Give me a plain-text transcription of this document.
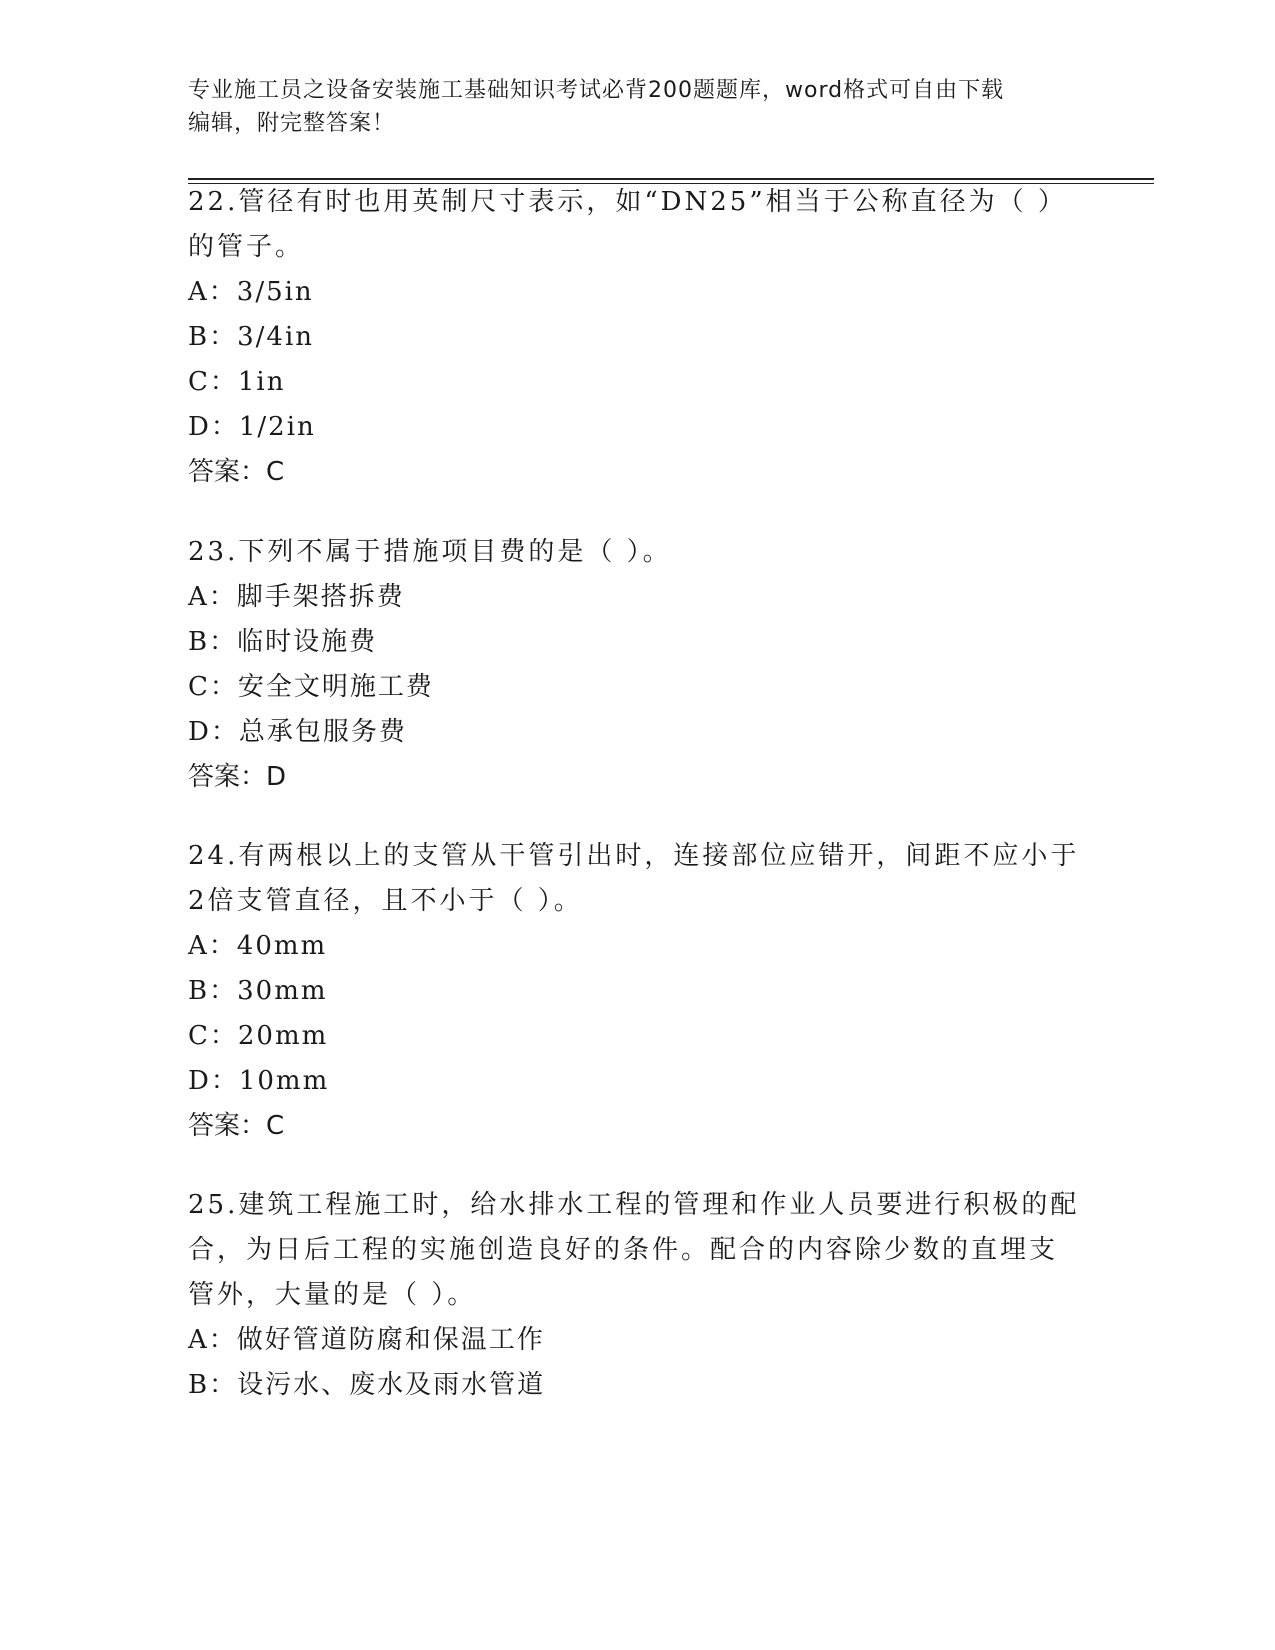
专业施工员之设备安装施工基础知识考试必背200题题库，word格式可自由下载
编辑，附完整答案！

22.管径有时也用英制尺寸表示，如“DN25”相当于公称直径为（ ）

的管子。

A：3/5in

B：3/4in

C：1in

D：1/2in

答案：C

23.下列不属于措施项目费的是（ ）。

A：脚手架搭拆费

B：临时设施费

C：安全文明施工费

D：总承包服务费

答案：D

24.有两根以上的支管从干管引出时，连接部位应错开，间距不应小于

2倍支管直径，且不小于（ ）。

A：40mm

B：30mm

C：20mm

D：10mm

答案：C

25.建筑工程施工时，给水排水工程的管理和作业人员要进行积极的配

合，为日后工程的实施创造良好的条件。配合的内容除少数的直埋支

管外，大量的是（ ）。

A：做好管道防腐和保温工作

B：设污水、废水及雨水管道
